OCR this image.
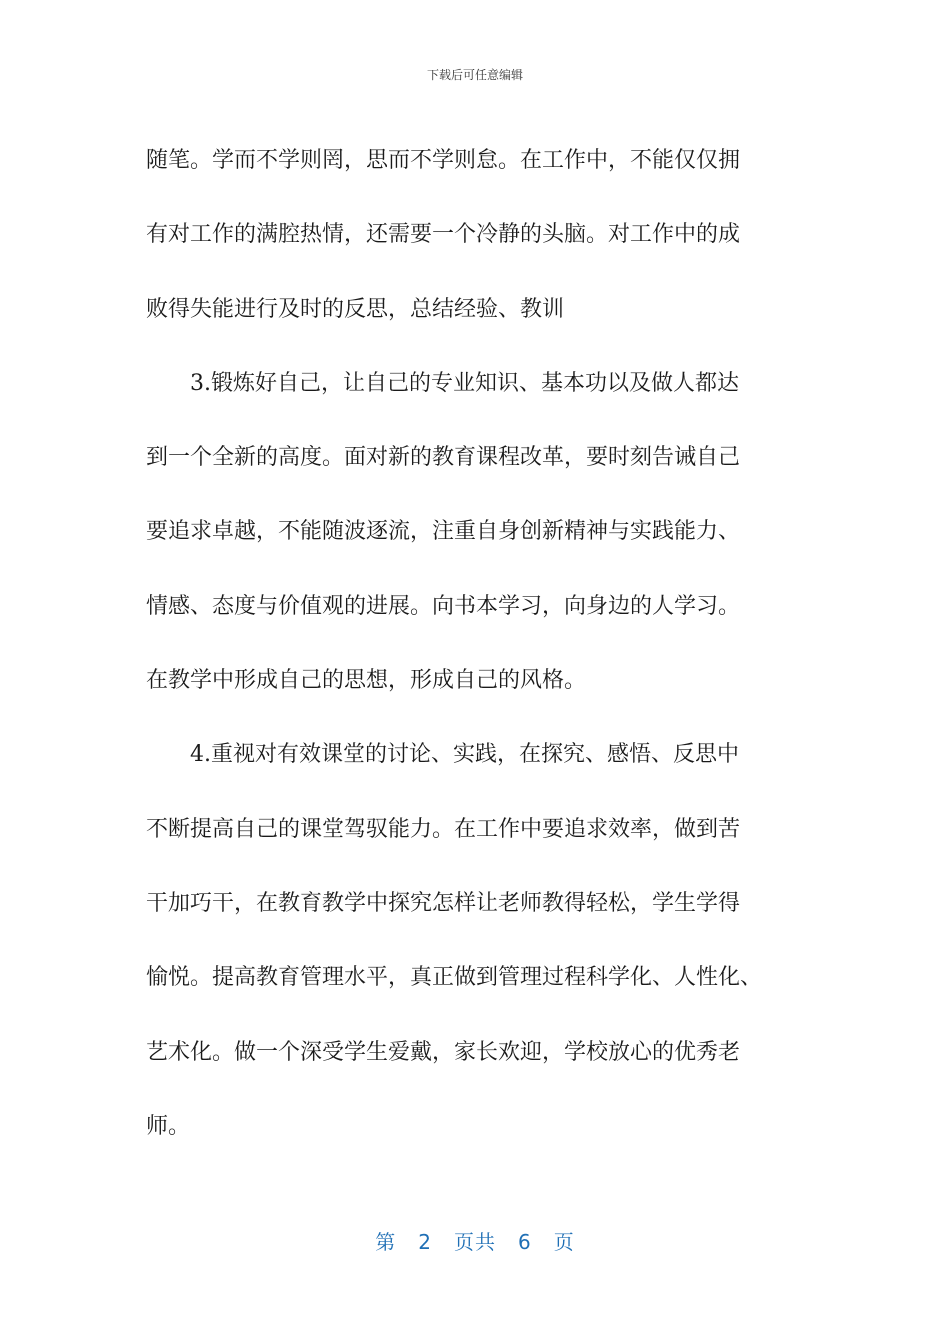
下载后可任意编辑
随笔。学而不学则罔，思而不学则怠。在工作中，不能仅仅拥
有对工作的满腔热情，还需要一个冷静的头脑。对工作中的成
败得失能进行及时的反思，总结经验、教训
3.锻炼好自己，让自己的专业知识、基本功以及做人都达
到一个全新的高度。面对新的教育课程改革，要时刻告诫自己
要追求卓越，不能随波逐流，注重自身创新精神与实践能力、
情感、态度与价值观的进展。向书本学习，向身边的人学习。
在教学中形成自己的思想，形成自己的风格。
4.重视对有效课堂的讨论、实践，在探究、感悟、反思中
不断提高自己的课堂驾驭能力。在工作中要追求效率，做到苦
干加巧干，在教育教学中探究怎样让老师教得轻松，学生学得
愉悦。提高教育管理水平，真正做到管理过程科学化、人性化、
艺术化。做一个深受学生爱戴，家长欢迎，学校放心的优秀老
师。
第 2 页共 6 页
